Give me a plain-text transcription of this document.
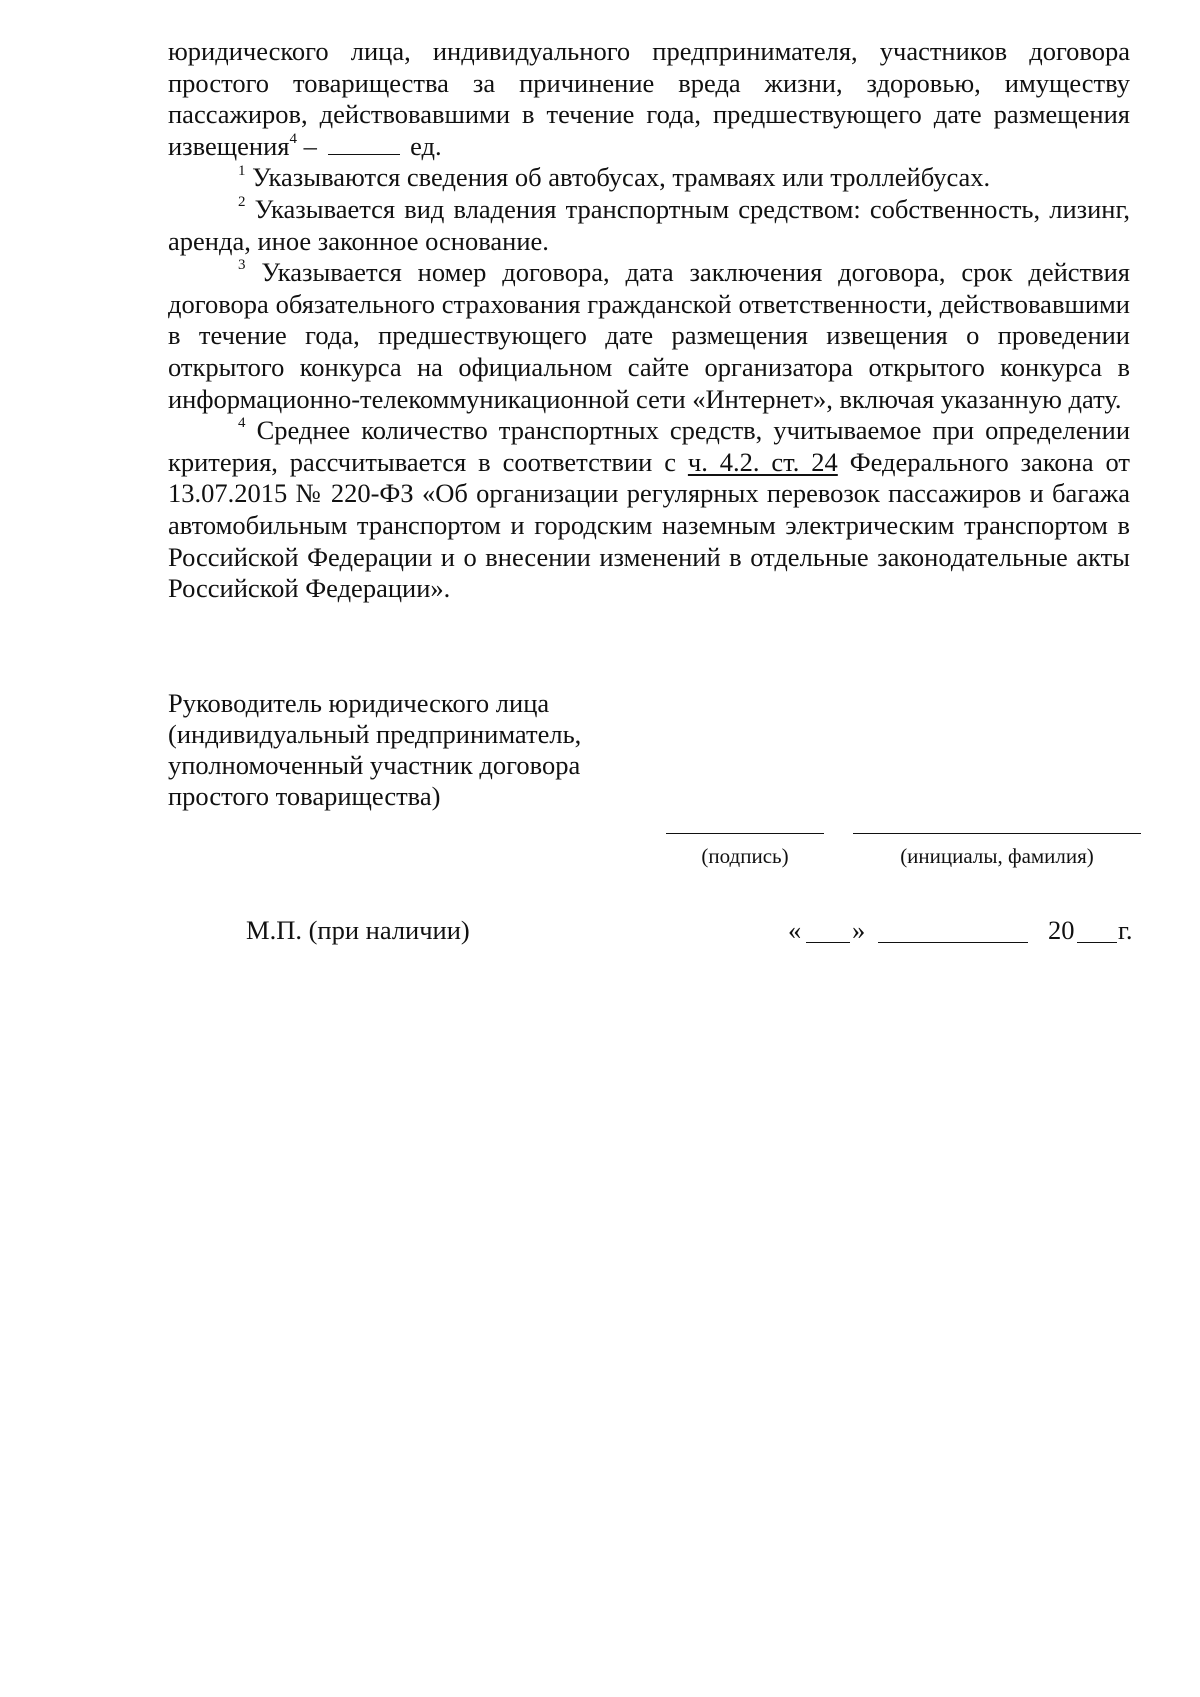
юридического лица, индивидуального предпринимателя, участников договора простого товарищества за причинение вреда жизни, здоровью, имуществу пассажиров, действовавшими в течение года, предшествующего дате размещения извещения$^4$ –	ед.

$^1$ Указываются сведения об автобусах, трамваях или троллейбусах.

$^2$ Указывается вид владения транспортным средством: собственность, лизинг, аренда, иное законное основание.

$^3$ Указывается номер договора, дата заключения договора, срок действия договора обязательного страхования гражданской ответственности, действовавшими в течение года, предшествующего дате размещения извещения о проведении открытого конкурса на официальном сайте организатора открытого конкурса в информационно-телекоммуникационной сети «Интернет», включая указанную дату.

$^4$ Среднее количество транспортных средств, учитываемое при определении критерия, рассчитывается в соответствии с ч. 4.2. ст. 24 Федерального закона от 13.07.2015 № 220-ФЗ «Об организации регулярных перевозок пассажиров и багажа автомобильным транспортом и городским наземным электрическим транспортом в Российской Федерации и о внесении изменений в отдельные законодательные акты Российской Федерации».

Руководитель юридического лица
(индивидуальный предприниматель,
уполномоченный участник договора
простого товарищества)
(подпись)	(инициалы, фамилия)
М.П. (при наличии)	« »	20 г.
